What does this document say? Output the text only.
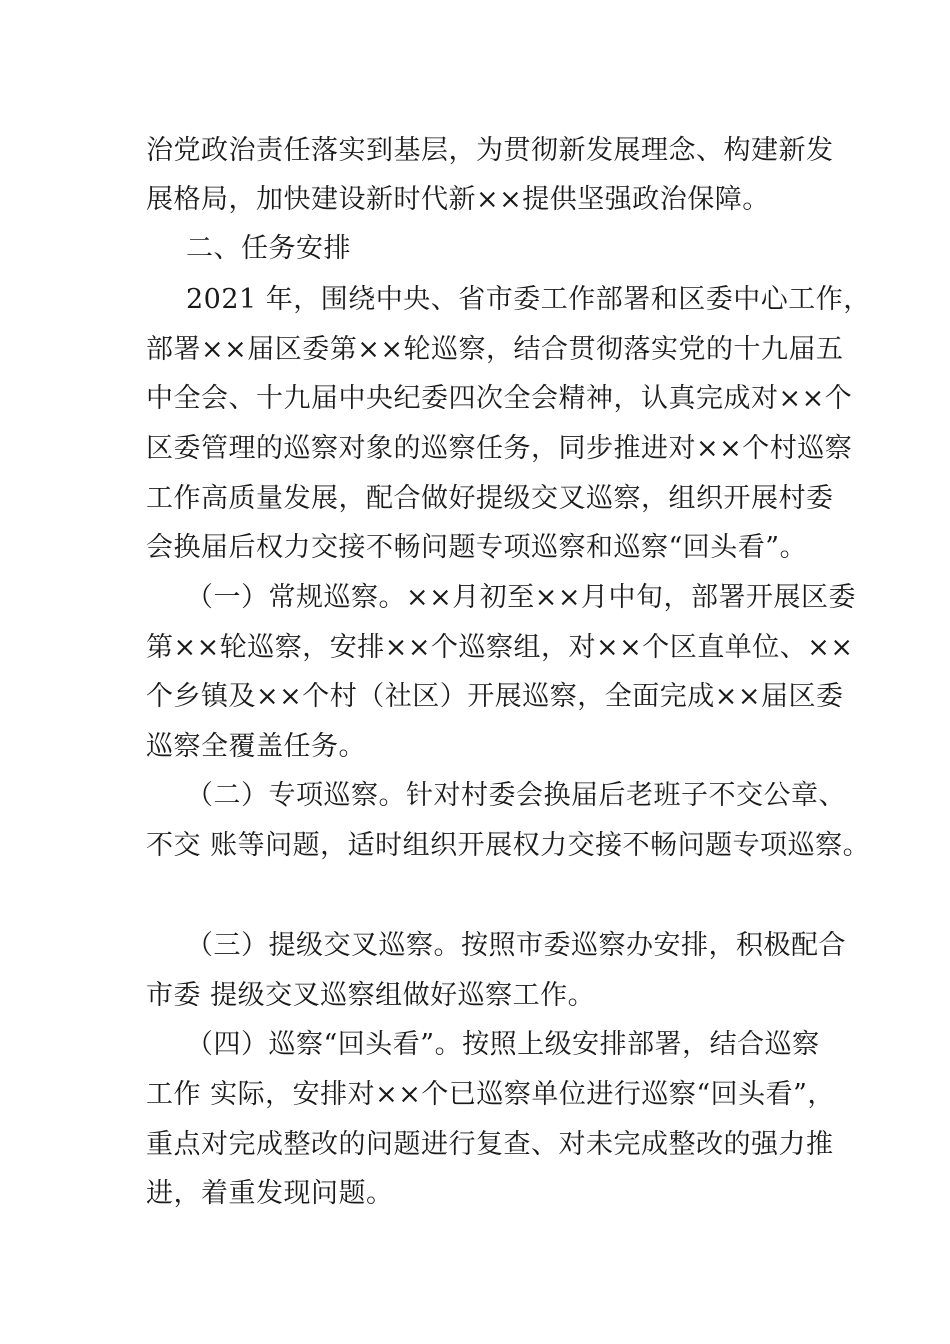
治党政治责任落实到基层，为贯彻新发展理念、构建新发
展格局，加快建设新时代新××提供坚强政治保障。
二、任务安排
2021 年，围绕中央、省市委工作部署和区委中心工作，
部署××届区委第××轮巡察，结合贯彻落实党的十九届五
中全会、十九届中央纪委四次全会精神，认真完成对××个
区委管理的巡察对象的巡察任务，同步推进对××个村巡察
工作高质量发展，配合做好提级交叉巡察，组织开展村委
会换届后权力交接不畅问题专项巡察和巡察“回头看”。
（一）常规巡察。××月初至××月中旬，部署开展区委
第××轮巡察，安排××个巡察组，对××个区直单位、××
个乡镇及××个村（社区）开展巡察，全面完成××届区委
巡察全覆盖任务。
（二）专项巡察。针对村委会换届后老班子不交公章、
不交 账等问题，适时组织开展权力交接不畅问题专项巡察。
（三）提级交叉巡察。按照市委巡察办安排，积极配合
市委 提级交叉巡察组做好巡察工作。
（四）巡察“回头看”。按照上级安排部署，结合巡察
工作 实际，安排对××个已巡察单位进行巡察“回头看”，
重点对完成整改的问题进行复查、对未完成整改的强力推
进，着重发现问题。
